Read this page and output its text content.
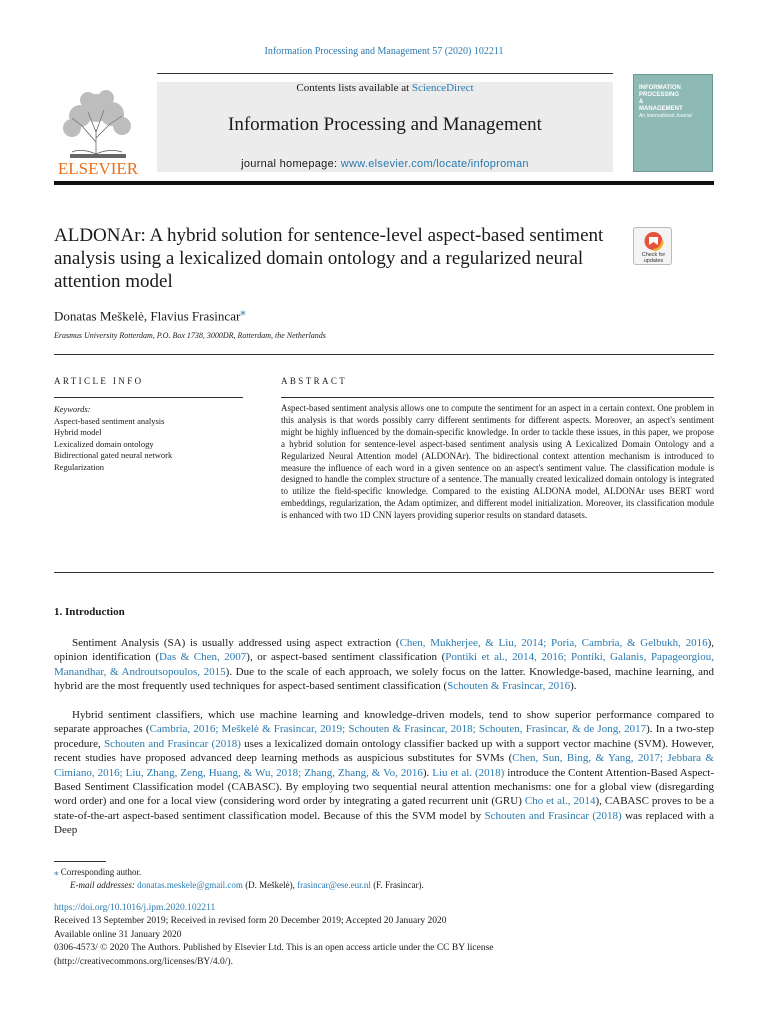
Information Processing and Management 57 (2020) 102211
ELSEVIER
Contents lists available at ScienceDirect
Information Processing and Management
journal homepage: www.elsevier.com/locate/infoproman
INFORMATION
PROCESSING
&
MANAGEMENT
An International Journal
ALDONAr: A hybrid solution for sentence-level aspect-based sentiment analysis using a lexicalized domain ontology and a regularized neural attention model
Check for
updates
Donatas Meškelė, Flavius Frasincar⁎
Erasmus University Rotterdam, P.O. Box 1738, 3000DR, Rotterdam, the Netherlands
ARTICLE INFO	ABSTRACT
Keywords:
Aspect-based sentiment analysis
Hybrid model
Lexicalized domain ontology
Bidirectional gated neural network
Regularization
Aspect-based sentiment analysis allows one to compute the sentiment for an aspect in a certain context. One problem in this analysis is that words possibly carry different sentiments for different aspects. Moreover, an aspect's sentiment might be highly influenced by the domain-specific knowledge. In order to tackle these issues, in this paper, we propose a hybrid solution for sentence-level aspect-based sentiment analysis using A Lexicalized Domain Ontology and a Regularized Neural Attention model (ALDONAr). The bidirectional context attention mechanism is introduced to measure the influence of each word in a given sentence on an aspect's sentiment value. The classification module is designed to handle the complex structure of a sentence. The manually created lexicalized domain ontology is integrated to utilize the field-specific knowledge. Compared to the existing ALDONA model, ALDONAr uses BERT word embeddings, regularization, the Adam optimizer, and different model initialization. Moreover, its classification module is enhanced with two 1D CNN layers providing superior results on standard datasets.
1. Introduction

Sentiment Analysis (SA) is usually addressed using aspect extraction (Chen, Mukherjee, & Liu, 2014; Poria, Cambria, & Gelbukh, 2016), opinion identification (Das & Chen, 2007), or aspect-based sentiment classification (Pontiki et al., 2014, 2016; Pontiki, Galanis, Papageorgiou, Manandhar, & Androutsopoulos, 2015). Due to the scale of each approach, we solely focus on the latter. Knowledge-based, machine learning, and hybrid are the most frequently used techniques for aspect-based sentiment classification (Schouten & Frasincar, 2016).

Hybrid sentiment classifiers, which use machine learning and knowledge-driven models, tend to show superior performance compared to separate approaches (Cambria, 2016; Meškelė & Frasincar, 2019; Schouten & Frasincar, 2018; Schouten, Frasincar, & de Jong, 2017). In a two-step procedure, Schouten and Frasincar (2018) uses a lexicalized domain ontology classifier backed up with a support vector machine (SVM). However, recent studies have proposed advanced deep learning methods as auspicious substitutes for SVMs (Chen, Sun, Bing, & Yang, 2017; Jebbara & Cimiano, 2016; Liu, Zhang, Zeng, Huang, & Wu, 2018; Zhang, Zhang, & Vo, 2016). Liu et al. (2018) introduce the Content Attention-Based Aspect-Based Sentiment Classification model (CABASC). By employing two sequential neural attention mechanisms: one for a global view (disregarding word order) and one for a local view (considering word order by integrating a gated recurrent unit (GRU) Cho et al., 2014), CABASC proves to be a state-of-the-art aspect-based sentiment classification model. Because of this the SVM model by Schouten and Frasincar (2018) was replaced with a Deep

⁎ Corresponding author.
E-mail addresses: donatas.meskele@gmail.com (D. Meškelė), frasincar@ese.eur.nl (F. Frasincar).
https://doi.org/10.1016/j.ipm.2020.102211
Received 13 September 2019; Received in revised form 20 December 2019; Accepted 20 January 2020
Available online 31 January 2020
0306-4573/ © 2020 The Authors. Published by Elsevier Ltd. This is an open access article under the CC BY license
(http://creativecommons.org/licenses/BY/4.0/).
